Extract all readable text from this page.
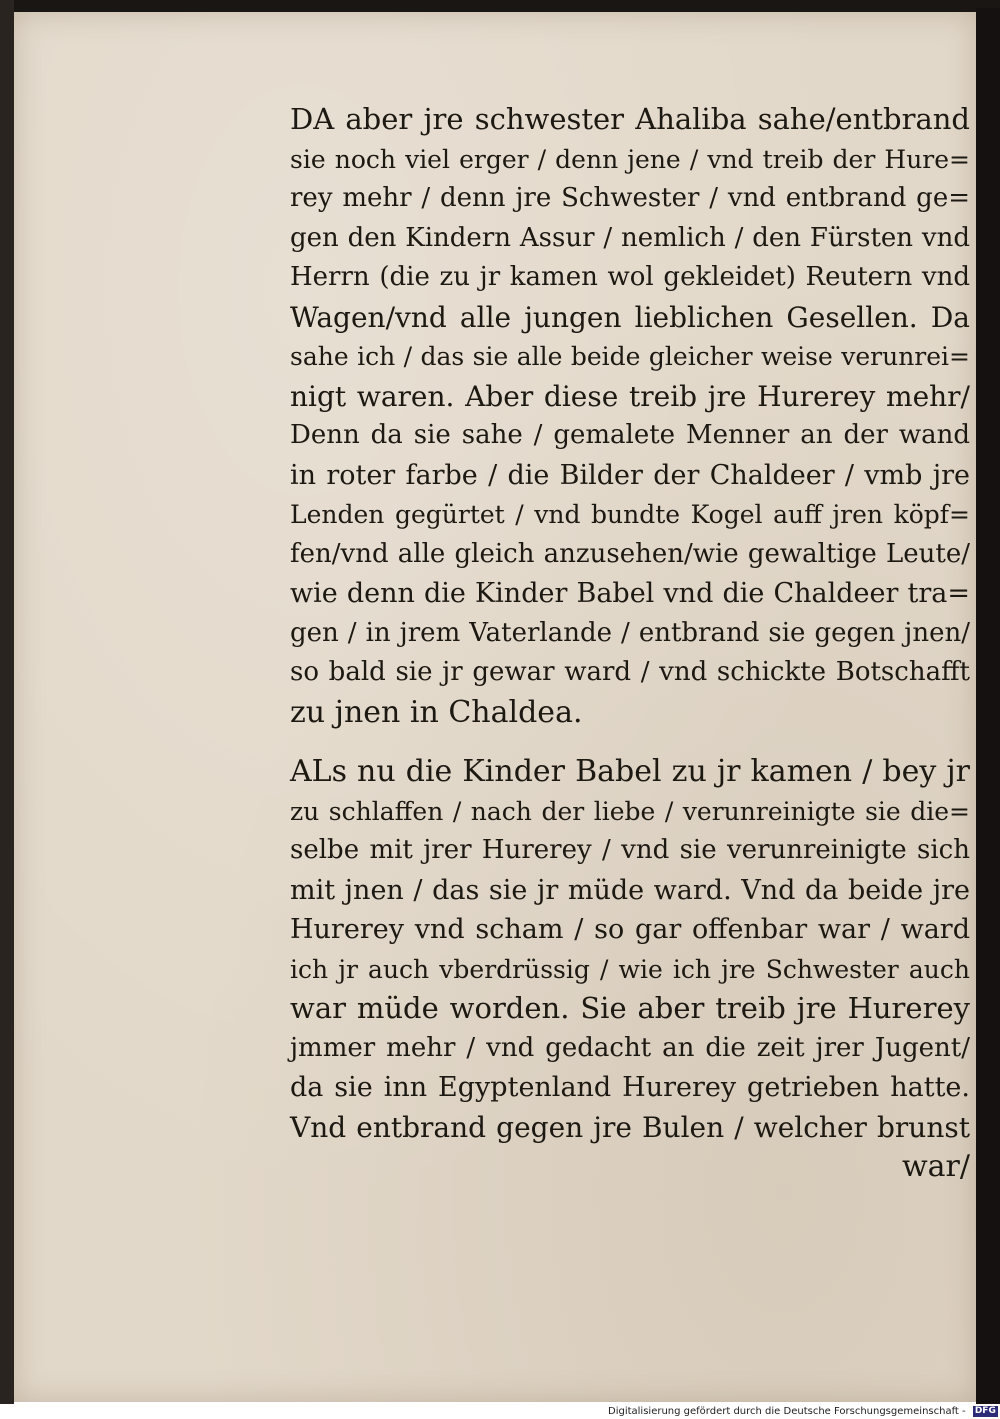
DA aber jre schwester Ahaliba sahe/entbrand
sie noch viel erger / denn jene / vnd treib der Hure=
rey mehr / denn jre Schwester / vnd entbrand ge=
gen den Kindern Assur / nemlich / den Fürsten vnd
Herrn (die zu jr kamen wol gekleidet) Reutern vnd
Wagen/vnd alle jungen lieblichen Gesellen. Da
sahe ich / das sie alle beide gleicher weise verunrei=
nigt waren. Aber diese treib jre Hurerey mehr/
Denn da sie sahe / gemalete Menner an der wand
in roter farbe / die Bilder der Chaldeer / vmb jre
Lenden gegürtet / vnd bundte Kogel auff jren köpf=
fen/vnd alle gleich anzusehen/wie gewaltige Leute/
wie denn die Kinder Babel vnd die Chaldeer tra=
gen / in jrem Vaterlande / entbrand sie gegen jnen/
so bald sie jr gewar ward / vnd schickte Botschafft
zu jnen in Chaldea.
ALs nu die Kinder Babel zu jr kamen / bey jr
zu schlaffen / nach der liebe / verunreinigte sie die=
selbe mit jrer Hurerey / vnd sie verunreinigte sich
mit jnen / das sie jr müde ward. Vnd da beide jre
Hurerey vnd scham / so gar offenbar war / ward
ich jr auch vberdrüssig / wie ich jre Schwester auch
war müde worden. Sie aber treib jre Hurerey
jmmer mehr / vnd gedacht an die zeit jrer Jugent/
da sie inn Egyptenland Hurerey getrieben hatte.
Vnd entbrand gegen jre Bulen / welcher brunst
war/
Digitalisierung gefördert durch die Deutsche Forschungsgemeinschaft - DFG
